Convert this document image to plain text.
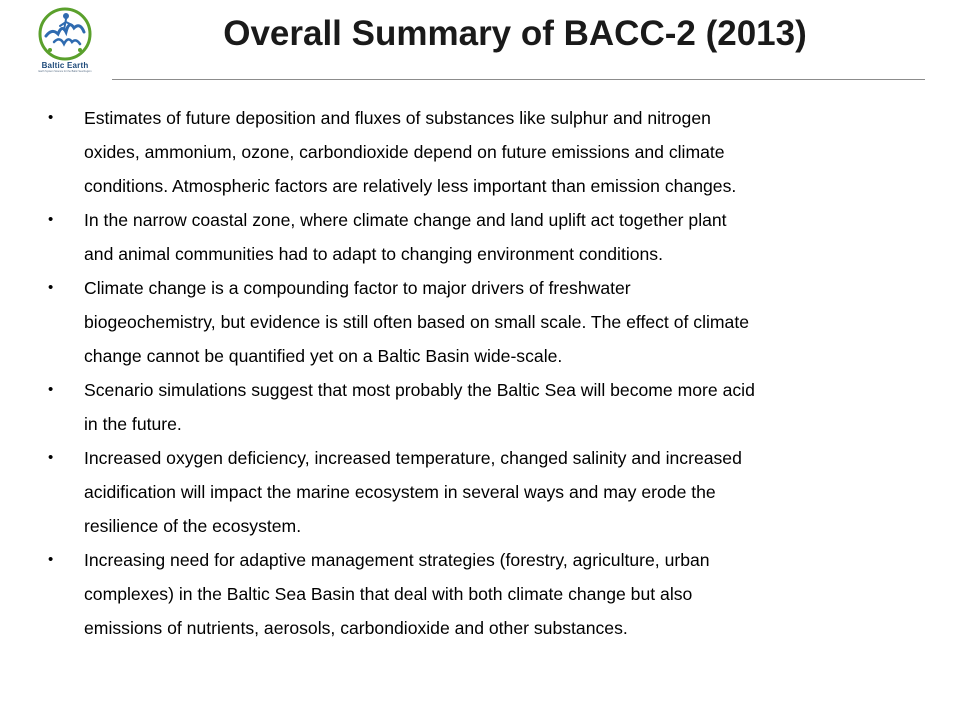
Baltic Earth
Earth System Science for the Baltic Sea Region
Overall Summary of BACC-2 (2013)
• Estimates of future deposition and fluxes of substances like sulphur and nitrogen
oxides, ammonium, ozone, carbondioxide depend on future emissions and climate
conditions. Atmospheric factors are relatively less important than emission changes.
• In the narrow coastal zone, where climate change and land uplift act together plant
and animal communities had to adapt to changing environment conditions.
• Climate change is a compounding factor to major drivers of freshwater
biogeochemistry, but evidence is still often based on small scale. The effect of climate
change cannot be quantified yet on a Baltic Basin wide-scale.
• Scenario simulations suggest that most probably the Baltic Sea will become more acid
in the future.
• Increased oxygen deficiency, increased temperature, changed salinity and increased
acidification will impact the marine ecosystem in several ways and may erode the
resilience of the ecosystem.
• Increasing need for adaptive management strategies (forestry, agriculture, urban
complexes) in the Baltic Sea Basin that deal with both climate change but also
emissions of nutrients, aerosols, carbondioxide and other substances.
